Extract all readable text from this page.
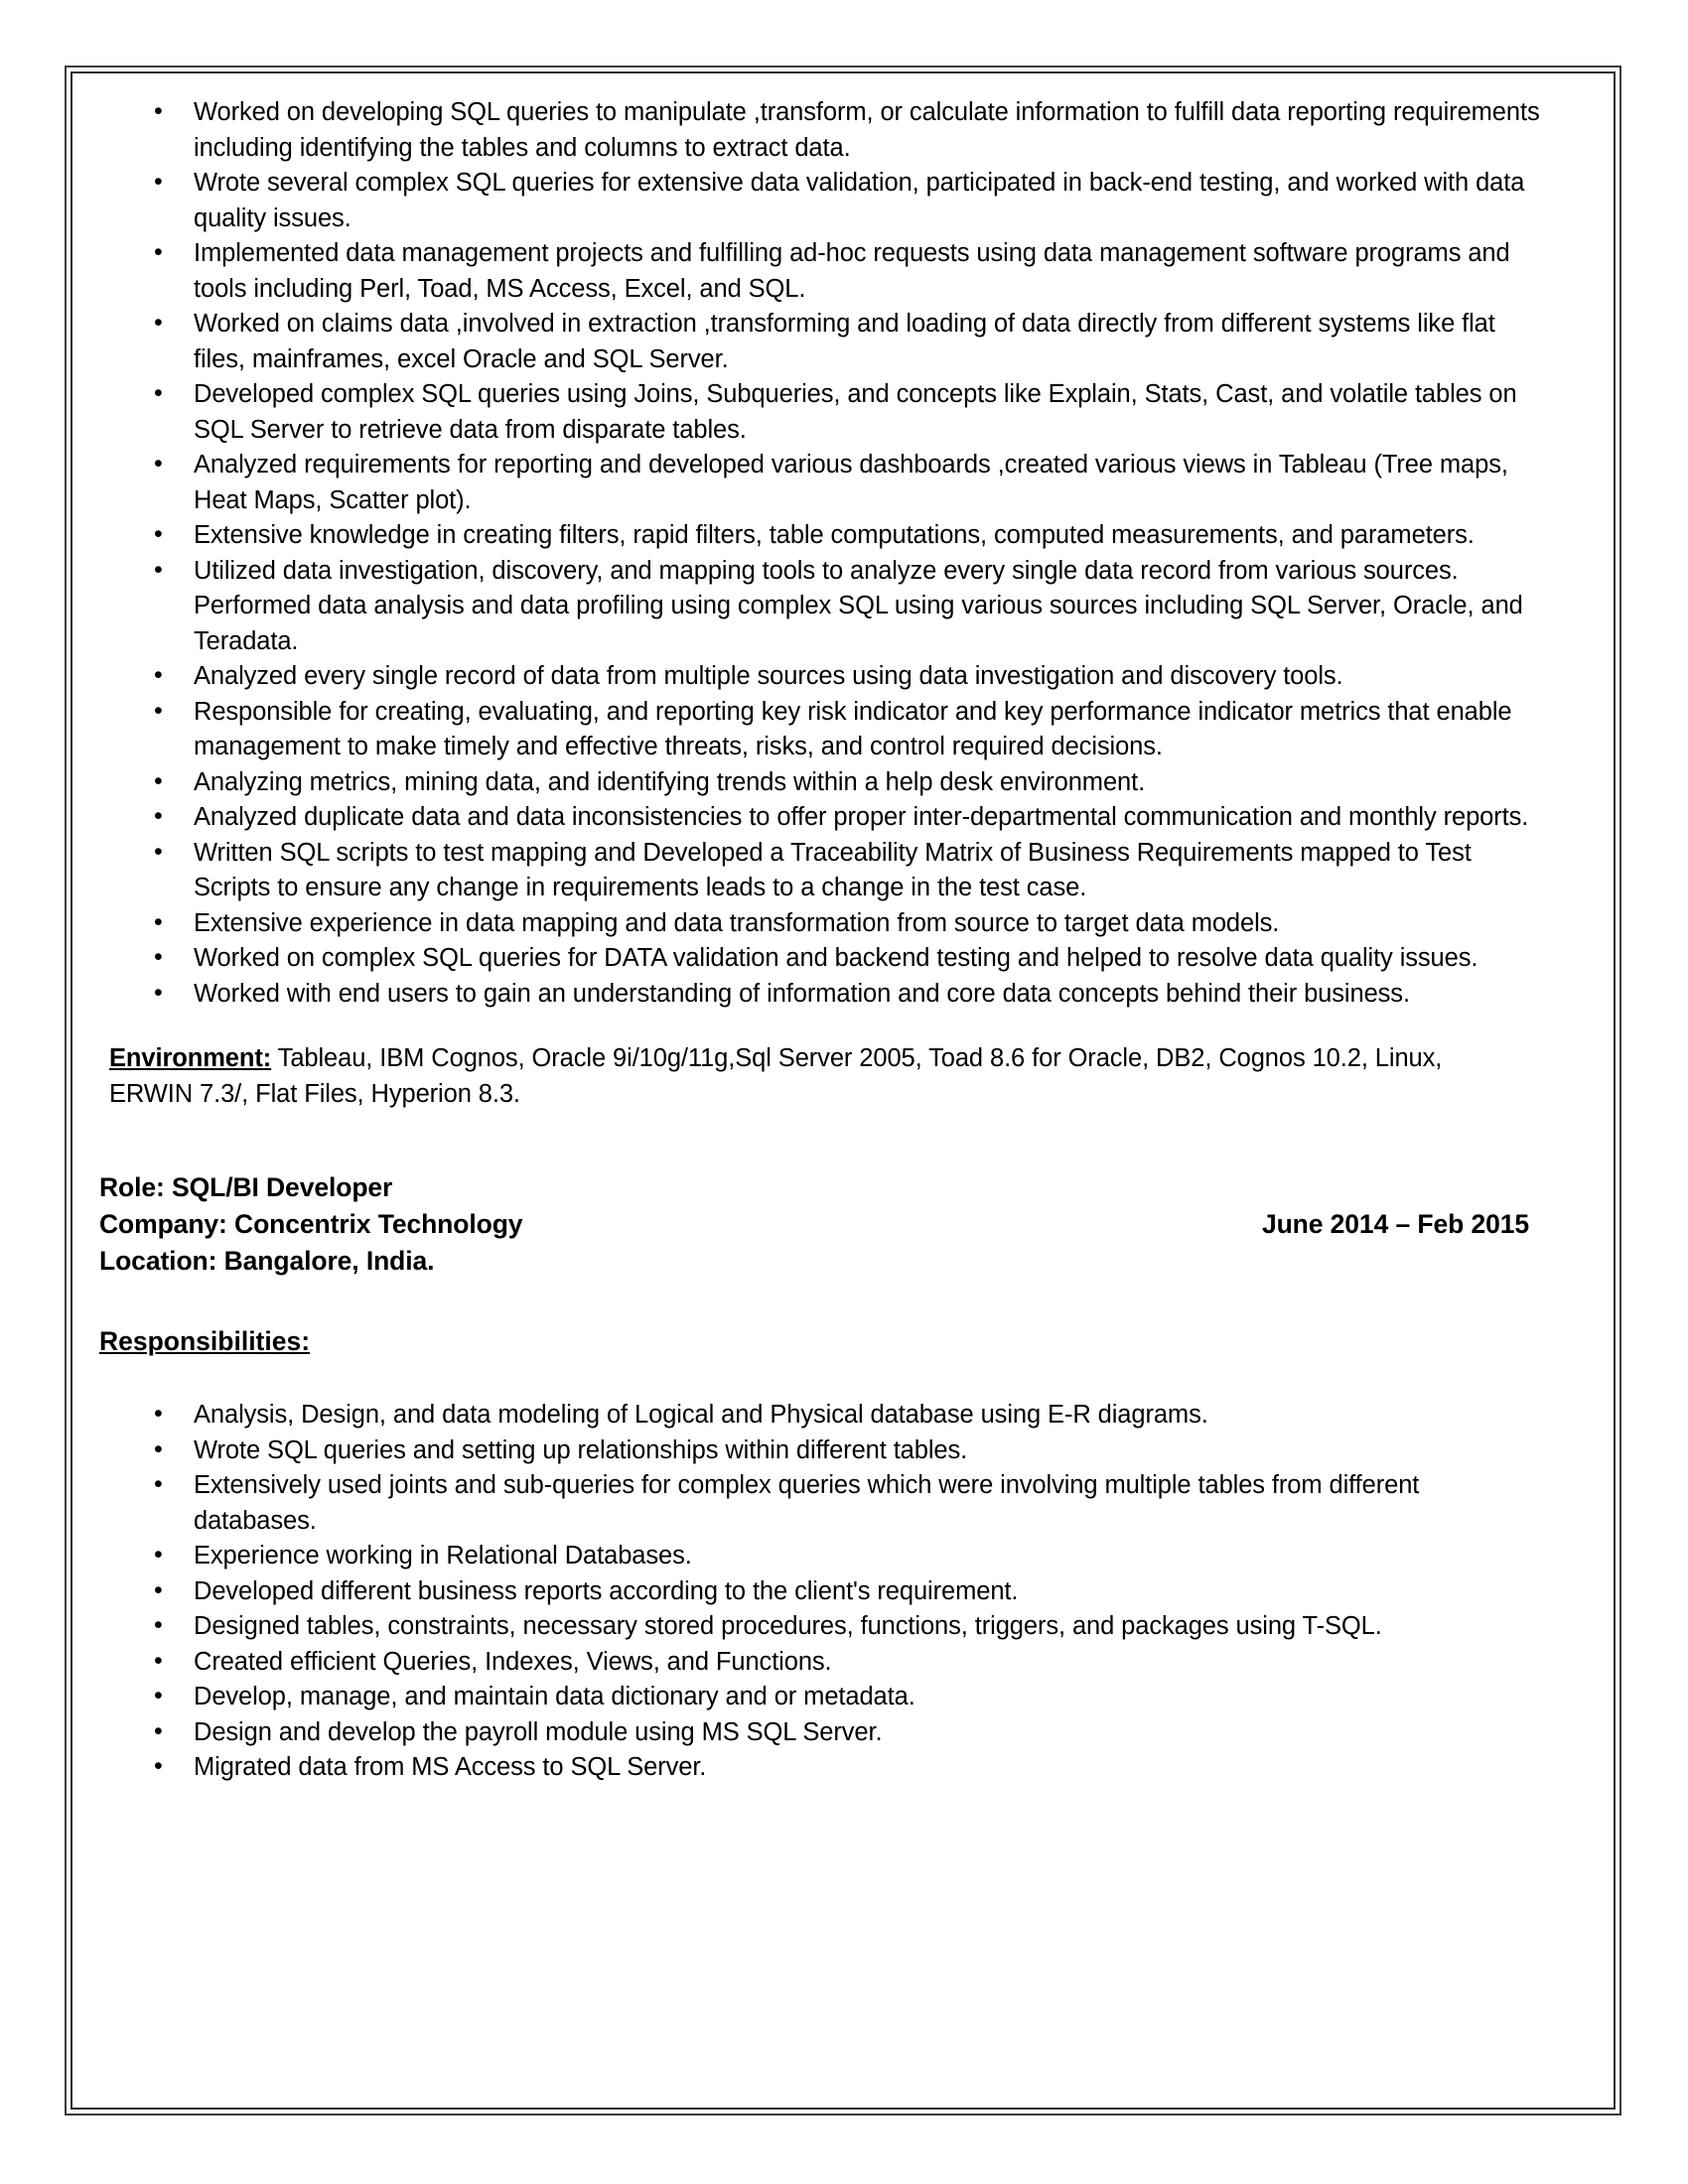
• Worked on developing SQL queries to manipulate ,transform, or calculate information to fulfill data reporting requirements including identifying the tables and columns to extract data.
• Wrote several complex SQL queries for extensive data validation, participated in back-end testing, and worked with data quality issues.
• Implemented data management projects and fulfilling ad-hoc requests using data management software programs and tools including Perl, Toad, MS Access, Excel, and SQL.
• Worked on claims data ,involved in extraction ,transforming and loading of data directly from different systems like flat files, mainframes, excel Oracle and SQL Server.
• Developed complex SQL queries using Joins, Subqueries, and concepts like Explain, Stats, Cast, and volatile tables on SQL Server to retrieve data from disparate tables.
• Analyzed requirements for reporting and developed various dashboards ,created various views in Tableau (Tree maps, Heat Maps, Scatter plot).
• Extensive knowledge in creating filters, rapid filters, table computations, computed measurements, and parameters.
• Utilized data investigation, discovery, and mapping tools to analyze every single data record from various sources. Performed data analysis and data profiling using complex SQL using various sources including SQL Server, Oracle, and Teradata.
• Analyzed every single record of data from multiple sources using data investigation and discovery tools.
• Responsible for creating, evaluating, and reporting key risk indicator and key performance indicator metrics that enable management to make timely and effective threats, risks, and control required decisions.
• Analyzing metrics, mining data, and identifying trends within a help desk environment.
• Analyzed duplicate data and data inconsistencies to offer proper inter-departmental communication and monthly reports.
• Written SQL scripts to test mapping and Developed a Traceability Matrix of Business Requirements mapped to Test Scripts to ensure any change in requirements leads to a change in the test case.
• Extensive experience in data mapping and data transformation from source to target data models.
• Worked on complex SQL queries for DATA validation and backend testing and helped to resolve data quality issues.
• Worked with end users to gain an understanding of information and core data concepts behind their business.

Environment: Tableau, IBM Cognos, Oracle 9i/10g/11g,Sql Server 2005, Toad 8.6 for Oracle, DB2, Cognos 10.2, Linux, ERWIN 7.3/, Flat Files, Hyperion 8.3.

Role: SQL/BI Developer
Company: Concentrix Technology	June 2014 – Feb 2015
Location: Bangalore, India.
Responsibilities:
• Analysis, Design, and data modeling of Logical and Physical database using E-R diagrams.
• Wrote SQL queries and setting up relationships within different tables.
• Extensively used joints and sub-queries for complex queries which were involving multiple tables from different databases.
• Experience working in Relational Databases.
• Developed different business reports according to the client's requirement.
• Designed tables, constraints, necessary stored procedures, functions, triggers, and packages using T-SQL.
• Created efficient Queries, Indexes, Views, and Functions.
• Develop, manage, and maintain data dictionary and or metadata.
• Design and develop the payroll module using MS SQL Server.
• Migrated data from MS Access to SQL Server.
